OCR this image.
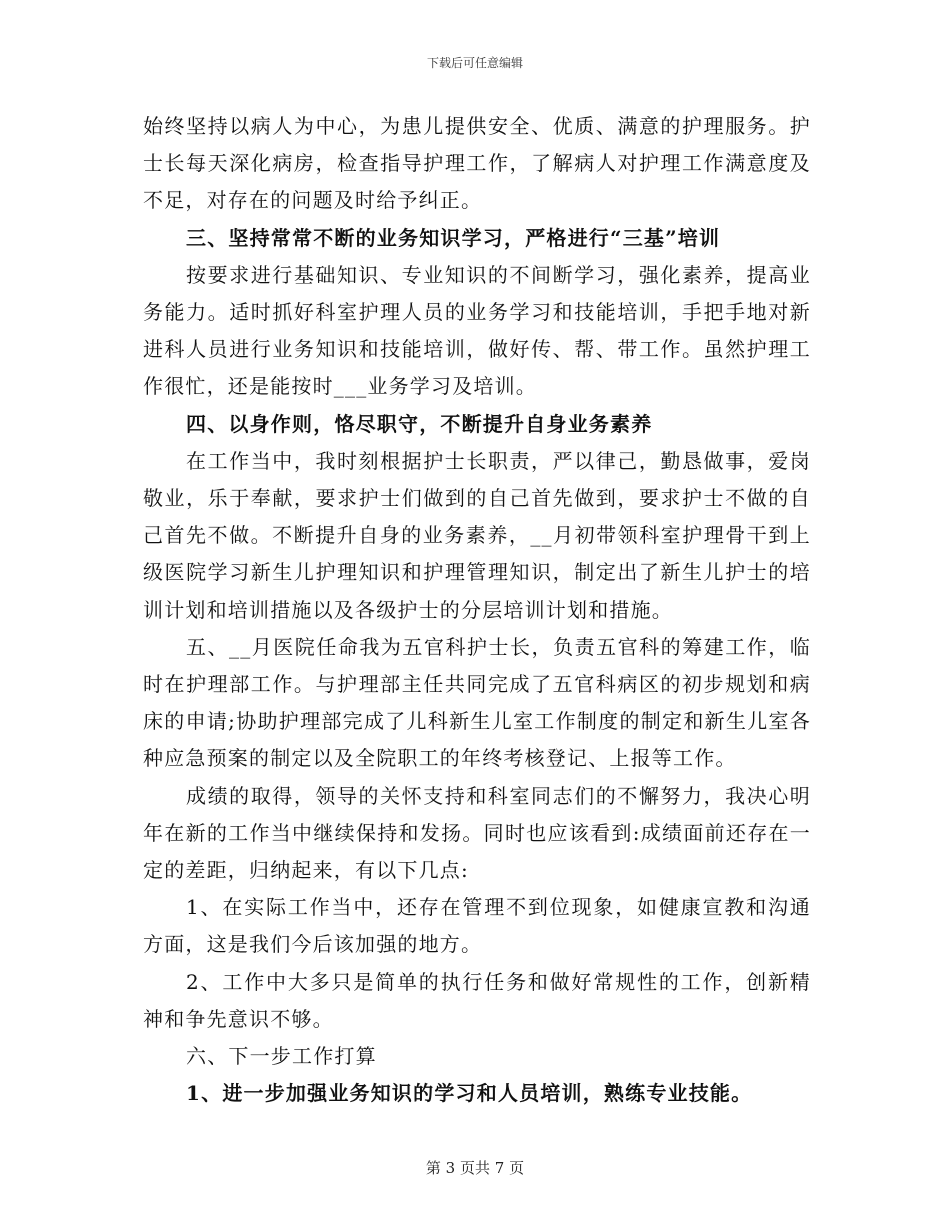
下载后可任意编辑

始终坚持以病人为中心，为患儿提供安全、优质、满意的护理服务。护士长每天深化病房，检查指导护理工作，了解病人对护理工作满意度及不足，对存在的问题及时给予纠正。

三、坚持常常不断的业务知识学习，严格进行“三基”培训

按要求进行基础知识、专业知识的不间断学习，强化素养，提高业务能力。适时抓好科室护理人员的业务学习和技能培训，手把手地对新进科人员进行业务知识和技能培训，做好传、帮、带工作。虽然护理工作很忙，还是能按时___业务学习及培训。

四、以身作则，恪尽职守，不断提升自身业务素养

在工作当中，我时刻根据护士长职责，严以律己，勤恳做事，爱岗敬业，乐于奉献，要求护士们做到的自己首先做到，要求护士不做的自己首先不做。不断提升自身的业务素养，__月初带领科室护理骨干到上级医院学习新生儿护理知识和护理管理知识，制定出了新生儿护士的培训计划和培训措施以及各级护士的分层培训计划和措施。

五、__月医院任命我为五官科护士长，负责五官科的筹建工作，临时在护理部工作。与护理部主任共同完成了五官科病区的初步规划和病床的申请;协助护理部完成了儿科新生儿室工作制度的制定和新生儿室各种应急预案的制定以及全院职工的年终考核登记、上报等工作。

成绩的取得，领导的关怀支持和科室同志们的不懈努力，我决心明年在新的工作当中继续保持和发扬。同时也应该看到:成绩面前还存在一定的差距，归纳起来，有以下几点:

1、在实际工作当中，还存在管理不到位现象，如健康宣教和沟通方面，这是我们今后该加强的地方。

2、工作中大多只是简单的执行任务和做好常规性的工作，创新精神和争先意识不够。

六、下一步工作打算

1、进一步加强业务知识的学习和人员培训，熟练专业技能。

第 3 页共 7 页
